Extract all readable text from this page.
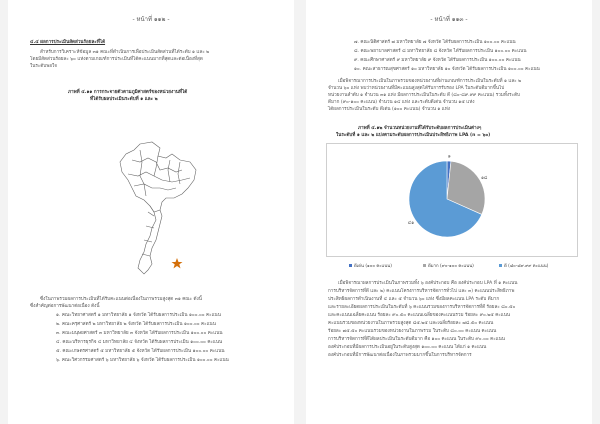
- หน้าที่ ๑๑๒ -
๔.๔ ผลการประเมินสัดส่วนร้อยละที่ได้
สำหรับการวิเคราะห์ข้อมูล ๓๑ คณะที่ดำเนินการเพื่อประเมินสัดส่วนที่ได้ระดับ ๑ และ ๒
โดยมีสัดส่วนร้อยละ ๖๐ แห่งตามเกณฑ์การประเมินที่ได้คะแนนมากที่สุดและต่อเนื่องที่สุด
ในระดับพอใจ
ภาพที่ ๔.๑๑ การกระจายตัวตามภูมิศาสตร์ของหน่วยงานที่ได้
ที่ได้รับผลประเมินระดับที่ ๑ และ ๒
ซึ่งในภาพรวมผลการประเมินที่ได้รับคะแนนต่อเนื่องในภาพรวมสูงสุด ๓๑ คณะ ดังนี้
ซึ่งสำคัญต่อการพัฒนาต่อเนื่อง ดังนี้
๑. คณะวิทยาศาสตร์ ๑ มหาวิทยาลัย ๑ จังหวัด ได้รับผลการประเมิน ๑๐๐.๐๐ คะแนน
๒. คณะครุศาสตร์ ๒ มหาวิทยาลัย ๒ จังหวัด ได้รับผลการประเมิน ๑๐๐.๐๐ คะแนน
๓. คณะมนุษยศาสตร์ ๓ มหาวิทยาลัย ๓ จังหวัด ได้รับผลการประเมิน ๑๐๐.๐๐ คะแนน
๔. คณะบริหารธุรกิจ ๔ มหาวิทยาลัย ๔ จังหวัด ได้รับผลการประเมิน ๑๐๐.๐๐ คะแนน
๕. คณะเกษตรศาสตร์ ๕ มหาวิทยาลัย ๕ จังหวัด ได้รับผลการประเมิน ๑๐๐.๐๐ คะแนน
๖. คณะวิศวกรรมศาสตร์ ๖ มหาวิทยาลัย ๖ จังหวัด ได้รับผลการประเมิน ๑๐๐.๐๐ คะแนน
- หน้าที่ ๑๑๓ -
๗. คณะนิติศาสตร์ ๗ มหาวิทยาลัย ๗ จังหวัด ได้รับผลการประเมิน ๑๐๐.๐๐ คะแนน
๘. คณะพยาบาลศาสตร์ ๘ มหาวิทยาลัย ๘ จังหวัด ได้รับผลการประเมิน ๑๐๐.๐๐ คะแนน
๙. คณะศึกษาศาสตร์ ๙ มหาวิทยาลัย ๙ จังหวัด ได้รับผลการประเมิน ๑๐๐.๐๐ คะแนน
๑๐. คณะสาธารณสุขศาสตร์ ๑๐ มหาวิทยาลัย ๑๐ จังหวัด ได้รับผลการประเมิน ๑๐๐.๐๐ คะแนน
เมื่อพิจารณาการประเมินในภาพรวมของหน่วยงานที่ผ่านเกณฑ์การประเมินในระดับที่ ๑ และ ๒
จำนวน ๖๐ แห่ง พบว่าหน่วยงานที่มีคะแนนสูงสุดได้รับการรับรอง LPA ในระดับดีมากขึ้นไป
หน่วยงานลำดับ ๑ จำนวน ๓๑ แห่ง มีผลการประเมินในระดับ ดี (๘๐-๘๙.๙๙ คะแนน) รวมทั้งระดับ
ดีมาก (๙๐-๑๐๐ คะแนน) จำนวน ๑๔ แห่ง และระดับดีเด่น จำนวน ๑๕ แห่ง
ได้ผลการประเมินในระดับ ดีเด่น (๑๐๐ คะแนน) จำนวน ๑ แห่ง
ภาพที่ ๔.๑๒ จำนวนหน่วยงานที่ได้รับระดับผลการประเมินต่างๆ
ในระดับที่ ๑ และ ๒ แบ่งตามระดับผลการประเมินประสิทธิภาพ LPA (n = ๖๐)
๑
๑๘
๔๑
ดีเด่น (๑๐๐ คะแนน)	ดีมาก (๙๐-๑๐๐ คะแนน)	ดี (๘๐-๘๙.๙๙ คะแนน)
เมื่อพิจารณาผลการประเมินในภาพรวมทั้ง ๖ องค์ประกอบ คือ องค์ประกอบ LPA ที่ ๑ คะแนน
การบริหารจัดการที่ดี และ ๒) คะแนนโครงการบริหารจัดการทั่วไป และ ๓) คะแนนประสิทธิภาพ
ประสิทธิผลการดำเนินงานที่ ๔ และ ๕ จำนวน ๖๐ แห่ง ซึ่งมีผลคะแนน LPA ระดับ ดีมาก
และรายละเอียดผลการประเมินในระดับที่ ๖ คะแนนรวมของการบริหารจัดการที่ดี ร้อยละ ๘๐.๕๐
และคะแนนเฉลี่ยคะแนน ร้อยละ ๙๐.๕๐ คะแนนเฉลี่ยของคะแนนรวม ร้อยละ ๙๐.๒๕ คะแนน
คะแนนรวมของหน่วยงานในภาพรวมสูงสุด ๘๕.๒๕ และเฉลี่ยร้อยละ ๗๘.๕๐ คะแนน
ร้อยละ ๗๕.๕๐ คะแนนรวมของหน่วยงานในภาพรวม ในระดับ ๘๐.๐๐ คะแนน คะแนน
การบริหารจัดการที่ดีได้ผลประเมินในระดับดีมาก คือ ๑๐๐ คะแนน ในระดับ ๙๐.๐๐ คะแนน
องค์ประกอบที่มีผลการประเมินอยู่ในระดับสูงสุด ๑๐๐.๐๐ คะแนน ได้แก่ ๑ คะแนน
องค์ประกอบที่มีการพัฒนาต่อเนื่องในภาพรวมมากขึ้นในการบริหารจัดการ
